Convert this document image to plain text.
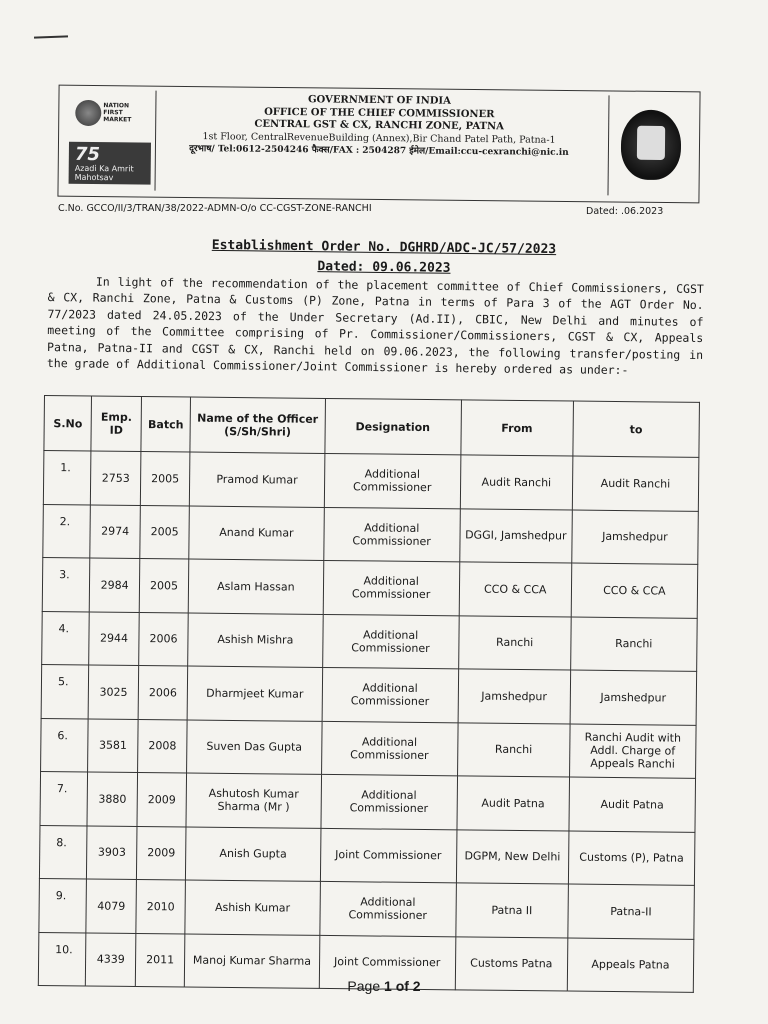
NATION FIRST MARKET
75
Azadi Ka Amrit Mahotsav
GOVERNMENT OF INDIA
OFFICE OF THE CHIEF COMMISSIONER
CENTRAL GST & CX, RANCHI ZONE, PATNA
1st Floor, CentralRevenueBuilding (Annex),Bir Chand Patel Path, Patna-1
दूरभाष/ Tel:0612-2504246 फैक्स/FAX : 2504287 ईमेल/Email:ccu-cexranchi@nic.in
C.No. GCCO/II/3/TRAN/38/2022-ADMN-O/o CC-CGST-ZONE-RANCHI	Dated: .06.2023
Establishment Order No. DGHRD/ADC-JC/57/2023
Dated: 09.06.2023
In light of the recommendation of the placement committee of Chief Commissioners, CGST & CX, Ranchi Zone, Patna & Customs (P) Zone, Patna in terms of Para 3 of the AGT Order No. 77/2023 dated 24.05.2023 of the Under Secretary (Ad.II), CBIC, New Delhi and minutes of meeting of the Committee comprising of Pr. Commissioner/Commissioners, CGST & CX, Appeals Patna, Patna-II and CGST & CX, Ranchi held on 09.06.2023, the following transfer/posting in the grade of Additional Commissioner/Joint Commissioner is hereby ordered as under:-
S.No	Emp. ID	Batch	Name of the Officer (S/Sh/Shri)	Designation	From	to
1.	2753	2005	Pramod Kumar	Additional Commissioner	Audit Ranchi	Audit Ranchi
2.	2974	2005	Anand Kumar	Additional Commissioner	DGGI, Jamshedpur	Jamshedpur
3.	2984	2005	Aslam Hassan	Additional Commissioner	CCO & CCA	CCO & CCA
4.	2944	2006	Ashish Mishra	Additional Commissioner	Ranchi	Ranchi
5.	3025	2006	Dharmjeet Kumar	Additional Commissioner	Jamshedpur	Jamshedpur
6.	3581	2008	Suven Das Gupta	Additional Commissioner	Ranchi	Ranchi Audit with Addl. Charge of Appeals Ranchi
7.	3880	2009	Ashutosh Kumar Sharma (Mr )	Additional Commissioner	Audit Patna	Audit Patna
8.	3903	2009	Anish Gupta	Joint Commissioner	DGPM, New Delhi	Customs (P), Patna
9.	4079	2010	Ashish Kumar	Additional Commissioner	Patna II	Patna-II
10.	4339	2011	Manoj Kumar Sharma	Joint Commissioner	Customs Patna	Appeals Patna
Page 1 of 2
